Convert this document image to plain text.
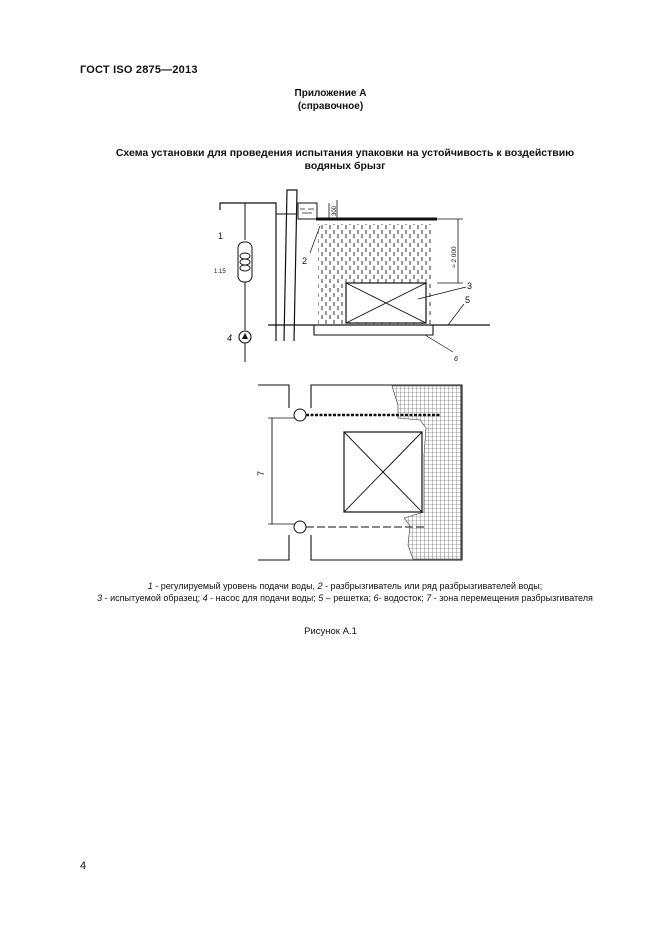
ГОСТ ISO 2875—2013
Приложение А
(справочное)
Схема установки для проведения испытания упаковки на устойчивость к воздействию водяных брызг
300
≈ 2 000
1
1.15
4
2
3
5
6
7
1 - регулируемый уровень подачи воды, 2 - разбрызгиватель или ряд разбрызгивателей воды;
3 - испытуемой образец; 4 - насос для подачи воды; 5 – решетка; 6- водосток; 7 - зона перемещения разбрызгивателя
Рисунок А.1
4
